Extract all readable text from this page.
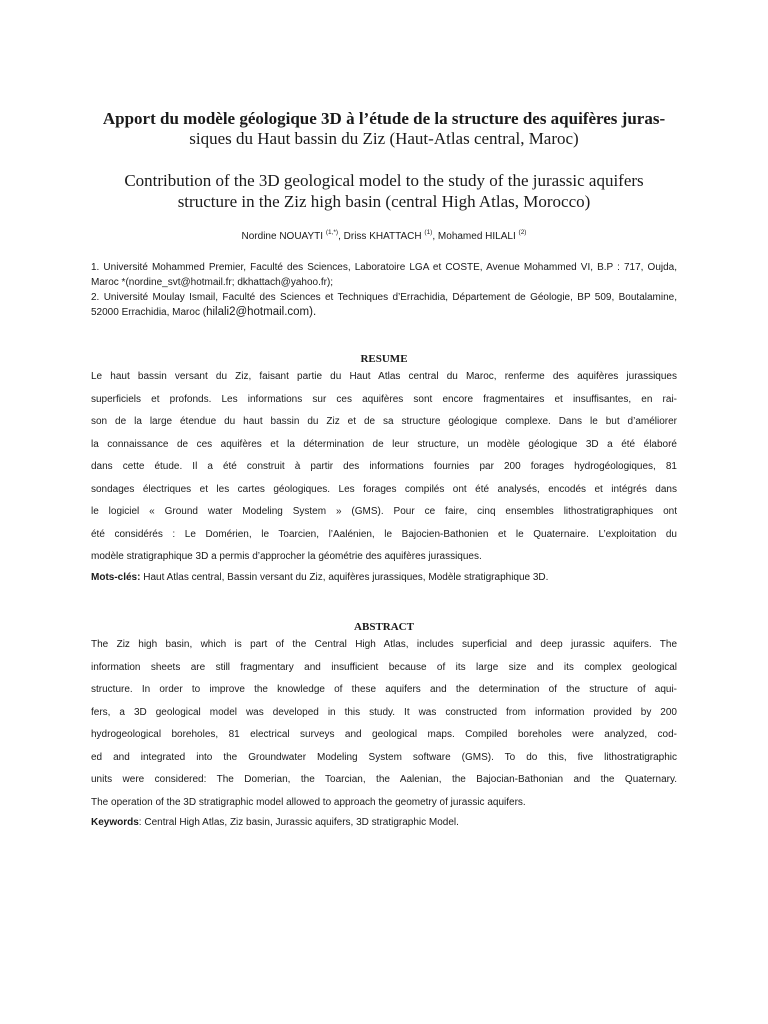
Apport du modèle géologique 3D à l’étude de la structure des aquifères juras-
siques du Haut bassin du Ziz (Haut-Atlas central, Maroc)
Contribution of the 3D geological model to the study of the jurassic aquifers
structure in the Ziz high basin (central High Atlas, Morocco)
Nordine NOUAYTI $^{(1,*)}$, Driss KHATTACH $^{(1)}$, Mohamed HILALI $^{(2)}$
1. Université Mohammed Premier, Faculté des Sciences, Laboratoire LGA et COSTE, Avenue Mohammed VI, B.P : 717, Oujda, Maroc *(nordine_svt@hotmail.fr; dkhattach@yahoo.fr);
2. Université Moulay Ismail, Faculté des Sciences et Techniques d’Errachidia, Département de Géologie, BP 509, Boutalamine, 52000 Errachidia, Maroc (hilali2@hotmail.com).
RESUME
Le haut bassin versant du Ziz, faisant partie du Haut Atlas central du Maroc, renferme des aquifères jurassiques
superficiels et profonds. Les informations sur ces aquifères sont encore fragmentaires et insuffisantes, en rai-
son de la large étendue du haut bassin du Ziz et de sa structure géologique complexe. Dans le but d’améliorer
la connaissance de ces aquifères et la détermination de leur structure, un modèle géologique 3D a été élaboré
dans cette étude. Il a été construit à partir des informations fournies par 200 forages hydrogéologiques, 81
sondages électriques et les cartes géologiques. Les forages compilés ont été analysés, encodés et intégrés dans
le logiciel « Ground water Modeling System » (GMS). Pour ce faire, cinq ensembles lithostratigraphiques ont
été considérés : Le Domérien, le Toarcien, l’Aalénien, le Bajocien-Bathonien et le Quaternaire. L’exploitation du
modèle stratigraphique 3D a permis d’approcher la géométrie des aquifères jurassiques.
Mots-clés: Haut Atlas central, Bassin versant du Ziz, aquifères jurassiques, Modèle stratigraphique 3D.
ABSTRACT
The Ziz high basin, which is part of the Central High Atlas, includes superficial and deep jurassic aquifers. The
information sheets are still fragmentary and insufficient because of its large size and its complex geological
structure. In order to improve the knowledge of these aquifers and the determination of the structure of aqui-
fers, a 3D geological model was developed in this study. It was constructed from information provided by 200
hydrogeological boreholes, 81 electrical surveys and geological maps. Compiled boreholes were analyzed, cod-
ed and integrated into the Groundwater Modeling System software (GMS). To do this, five lithostratigraphic
units were considered: The Domerian, the Toarcian, the Aalenian, the Bajocian-Bathonian and the Quaternary.
The operation of the 3D stratigraphic model allowed to approach the geometry of jurassic aquifers.
Keywords: Central High Atlas, Ziz basin, Jurassic aquifers, 3D stratigraphic Model.
